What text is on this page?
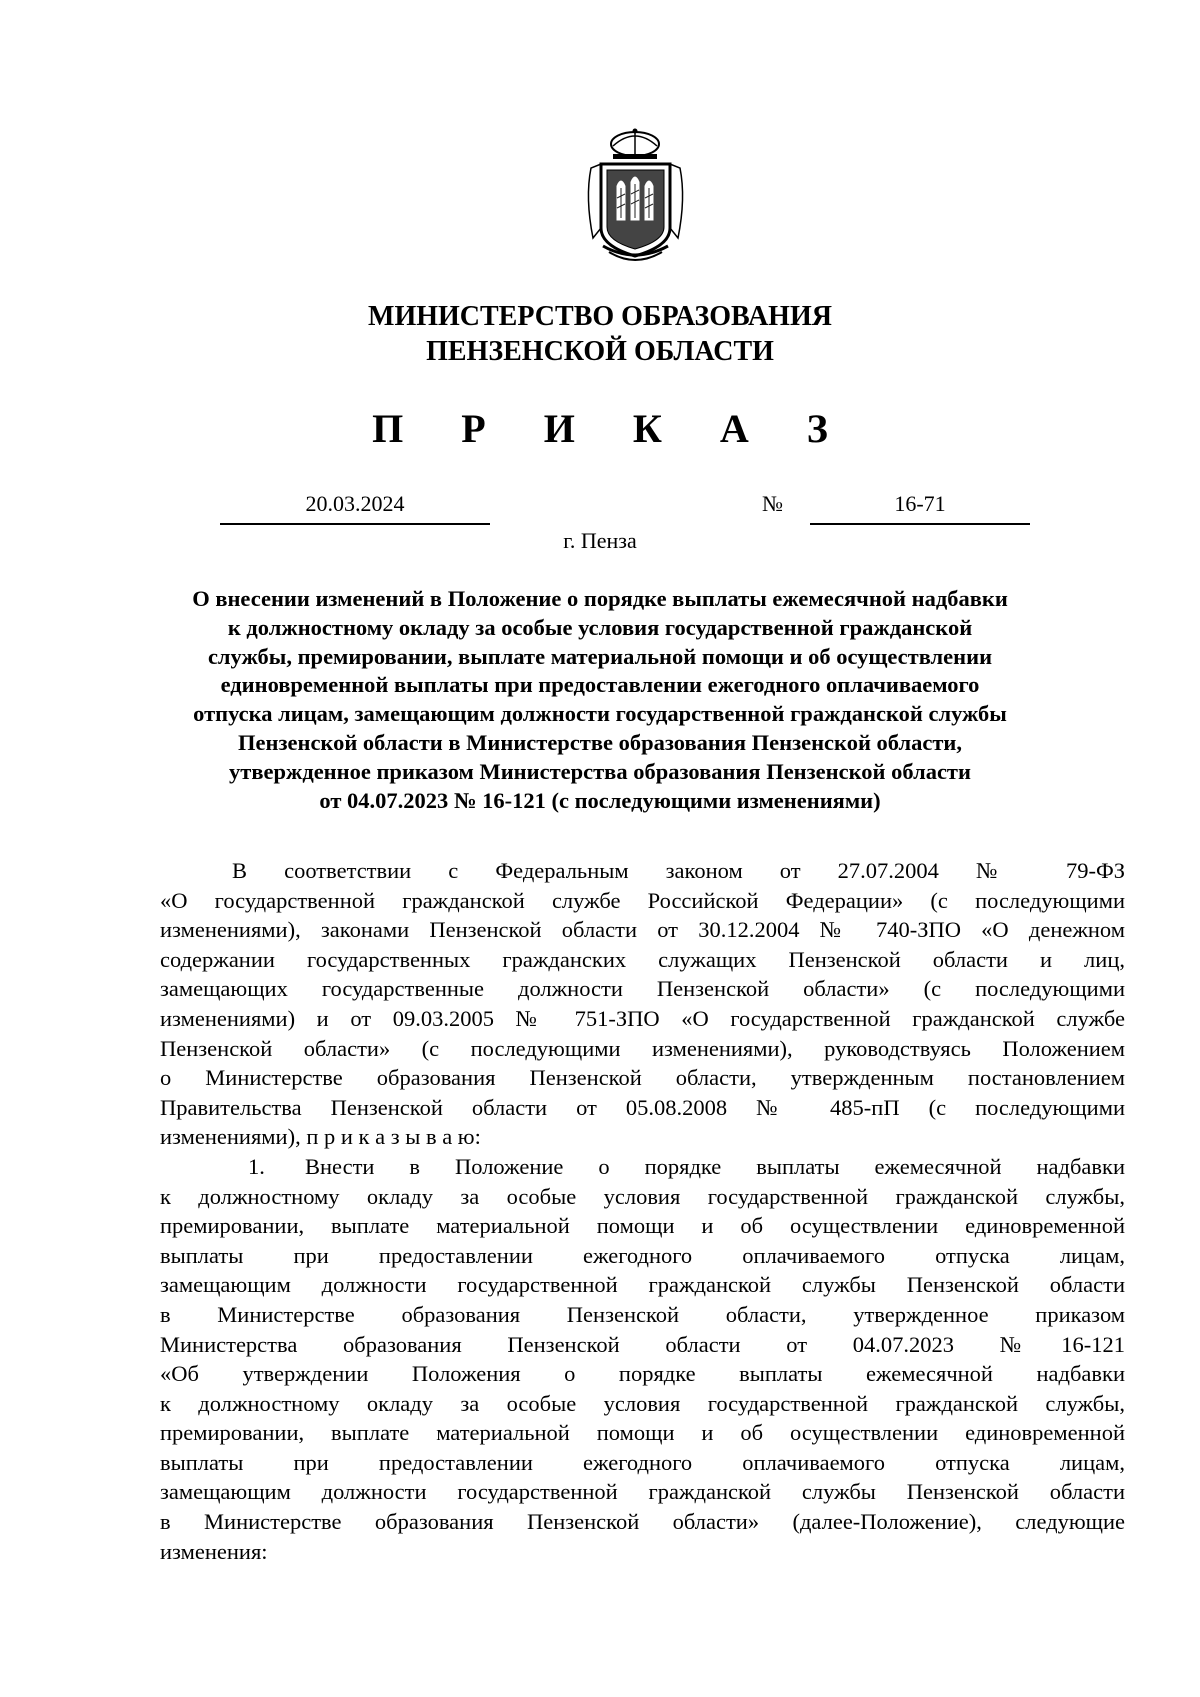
МИНИСТЕРСТВО ОБРАЗОВАНИЯ
ПЕНЗЕНСКОЙ ОБЛАСТИ
П Р И К А З
20.03.2024	№	16-71
г. Пенза
О внесении изменений в Положение о порядке выплаты ежемесячной надбавки
к должностному окладу за особые условия государственной гражданской
службы, премировании, выплате материальной помощи и об осуществлении
единовременной выплаты при предоставлении ежегодного оплачиваемого
отпуска лицам, замещающим должности государственной гражданской службы
Пензенской области в Министерстве образования Пензенской области,
утвержденное приказом Министерства образования Пензенской области
от 04.07.2023 № 16-121 (с последующими изменениями)
В соответствии с Федеральным законом от 27.07.2004 № 79-ФЗ
«О государственной гражданской службе Российской Федерации» (с последующими
изменениями), законами Пензенской области от 30.12.2004 № 740-ЗПО «О денежном
содержании государственных гражданских служащих Пензенской области и лиц,
замещающих государственные должности Пензенской области» (с последующими
изменениями) и от 09.03.2005 № 751-ЗПО «О государственной гражданской службе
Пензенской области» (с последующими изменениями), руководствуясь Положением
о Министерстве образования Пензенской области, утвержденным постановлением
Правительства Пензенской области от 05.08.2008 № 485-пП (с последующими
изменениями), п р и к а з ы в а ю:
1. Внести в Положение о порядке выплаты ежемесячной надбавки
к должностному окладу за особые условия государственной гражданской службы,
премировании, выплате материальной помощи и об осуществлении единовременной
выплаты при предоставлении ежегодного оплачиваемого отпуска лицам,
замещающим должности государственной гражданской службы Пензенской области
в Министерстве образования Пензенской области, утвержденное приказом
Министерства образования Пензенской области от 04.07.2023 №16-121
«Об утверждении Положения о порядке выплаты ежемесячной надбавки
к должностному окладу за особые условия государственной гражданской службы,
премировании, выплате материальной помощи и об осуществлении единовременной
выплаты при предоставлении ежегодного оплачиваемого отпуска лицам,
замещающим должности государственной гражданской службы Пензенской области
в Министерстве образования Пензенской области» (далее-Положение), следующие
изменения:
